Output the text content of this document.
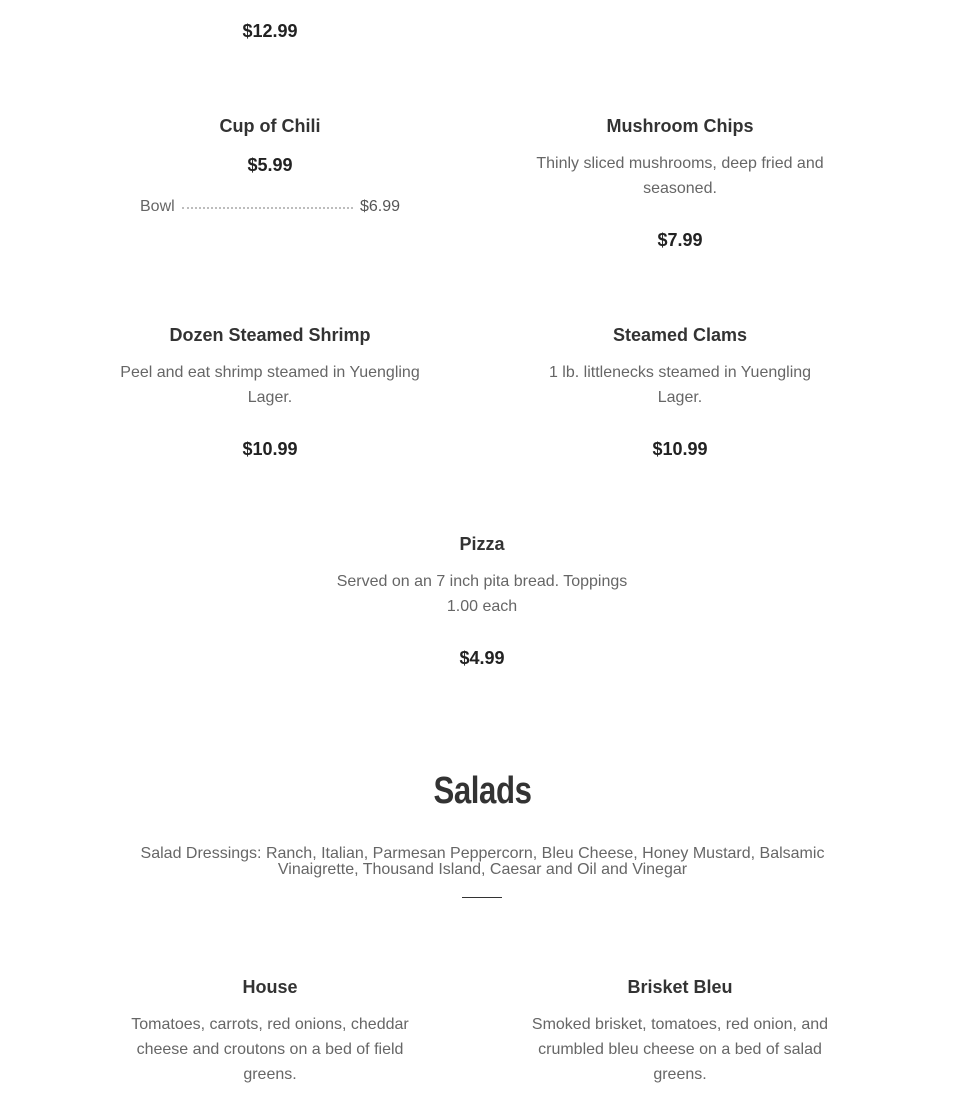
$12.99
Cup of Chili
$5.99
Bowl	$6.99
Mushroom Chips
Thinly sliced mushrooms, deep fried and seasoned.
$7.99
Dozen Steamed Shrimp
Peel and eat shrimp steamed in Yuengling Lager.
$10.99
Steamed Clams
1 lb. littlenecks steamed in Yuengling Lager.
$10.99
Pizza
Served on an 7 inch pita bread. Toppings 1.00 each
$4.99
Salads
Salad Dressings: Ranch, Italian, Parmesan Peppercorn, Bleu Cheese, Honey Mustard, Balsamic Vinaigrette, Thousand Island, Caesar and Oil and Vinegar
House
Tomatoes, carrots, red onions, cheddar cheese and croutons on a bed of field greens.
Brisket Bleu
Smoked brisket, tomatoes, red onion, and crumbled bleu cheese on a bed of salad greens.
